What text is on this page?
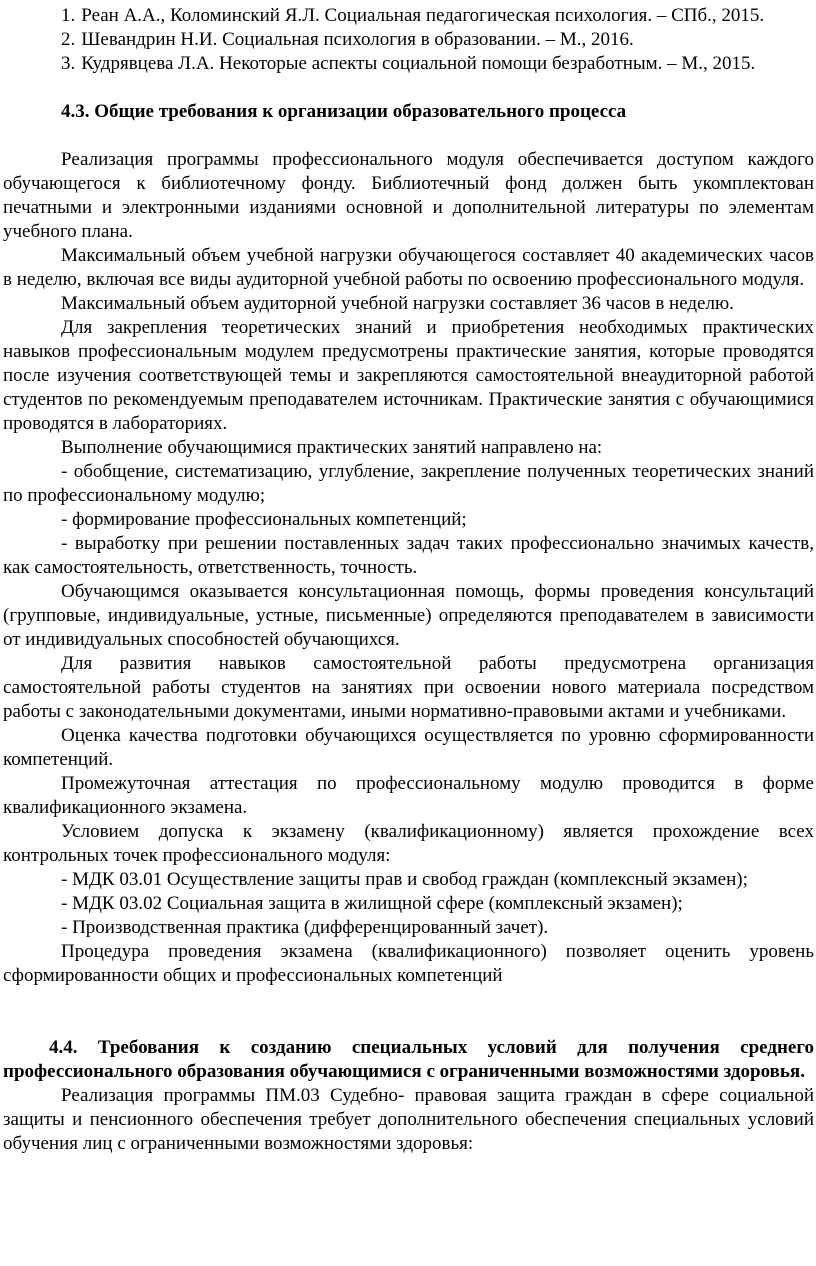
1. Реан А.А., Коломинский Я.Л. Социальная педагогическая психология. – СПб., 2015.

2. Шевандрин Н.И. Социальная психология в образовании. – М., 2016.

3. Кудрявцева Л.А. Некоторые аспекты социальной помощи безработным. – М., 2015.

4.3. Общие требования к организации образовательного процесса

Реализация программы профессионального модуля обеспечивается доступом каждого обучающегося к библиотечному фонду. Библиотечный фонд должен быть укомплектован печатными и электронными изданиями основной и дополнительной литературы по элементам учебного плана.

Максимальный объем учебной нагрузки обучающегося составляет 40 академических часов в неделю, включая все виды аудиторной учебной работы по освоению профессионального модуля.

Максимальный объем аудиторной учебной нагрузки составляет 36 часов в неделю.

Для закрепления теоретических знаний и приобретения необходимых практических навыков профессиональным модулем предусмотрены практические занятия, которые проводятся после изучения соответствующей темы и закрепляются самостоятельной внеаудиторной работой студентов по рекомендуемым преподавателем источникам. Практические занятия с обучающимися проводятся в лабораториях.

Выполнение обучающимися практических занятий направлено на:

- обобщение, систематизацию, углубление, закрепление полученных теоретических знаний по профессиональному модулю;

- формирование профессиональных компетенций;

- выработку при решении поставленных задач таких профессионально значимых качеств, как самостоятельность, ответственность, точность.

Обучающимся оказывается консультационная помощь, формы проведения консультаций (групповые, индивидуальные, устные, письменные) определяются преподавателем в зависимости от индивидуальных способностей обучающихся.

Для развития навыков самостоятельной работы предусмотрена организация самостоятельной работы студентов на занятиях при освоении нового материала посредством работы с законодательными документами, иными нормативно-правовыми актами и учебниками.

Оценка качества подготовки обучающихся осуществляется по уровню сформированности компетенций.

Промежуточная аттестация по профессиональному модулю проводится в форме квалификационного экзамена.

Условием допуска к экзамену (квалификационному) является прохождение всех контрольных точек профессионального модуля:

- МДК 03.01 Осуществление защиты прав и свобод граждан (комплексный экзамен);

- МДК 03.02 Социальная защита в жилищной сфере (комплексный экзамен);

- Производственная практика (дифференцированный зачет).

Процедура проведения экзамена (квалификационного) позволяет оценить уровень сформированности общих и профессиональных компетенций

4.4. Требования к созданию специальных условий для получения среднего профессионального образования обучающимися с ограниченными возможностями здоровья.

Реализация программы ПМ.03 Судебно- правовая защита граждан в сфере социальной защиты и пенсионного обеспечения требует дополнительного обеспечения специальных условий обучения лиц с ограниченными возможностями здоровья:
